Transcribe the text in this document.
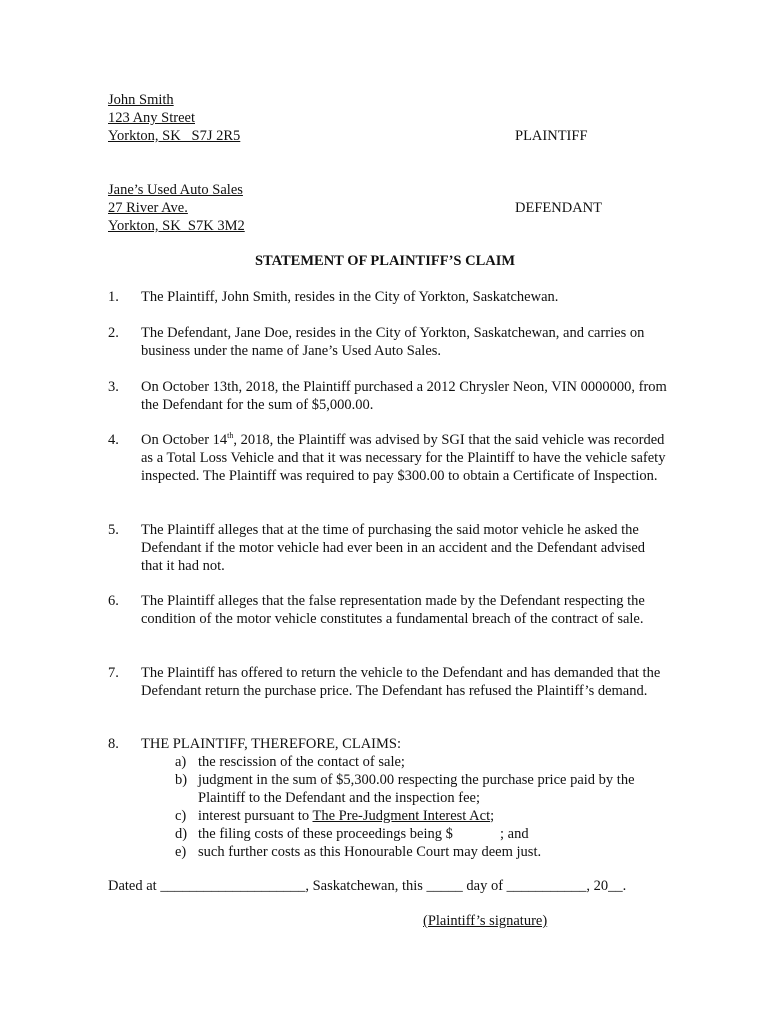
John Smith
123 Any Street
Yorkton, SK   S7J 2R5	PLAINTIFF
Jane’s Used Auto Sales
27 River Ave.
Yorkton, SK  S7K 3M2
DEFENDANT
STATEMENT OF PLAINTIFF’S CLAIM
1.	The Plaintiff, John Smith, resides in the City of Yorkton, Saskatchewan.
2.	The Defendant, Jane Doe, resides in the City of Yorkton, Saskatchewan, and carries on business under the name of Jane’s Used Auto Sales.
3.	On October 13th, 2018, the Plaintiff purchased a 2012 Chrysler Neon, VIN 0000000, from the Defendant for the sum of $5,000.00.
4.	On October 14th, 2018, the Plaintiff was advised by SGI that the said vehicle was recorded as a Total Loss Vehicle and that it was necessary for the Plaintiff to have the vehicle safety inspected. The Plaintiff was required to pay $300.00 to obtain a Certificate of Inspection.
5.	The Plaintiff alleges that at the time of purchasing the said motor vehicle he asked the Defendant if the motor vehicle had ever been in an accident and the Defendant advised that it had not.
6.	The Plaintiff alleges that the false representation made by the Defendant respecting the condition of the motor vehicle constitutes a fundamental breach of the contract of sale.
7.	The Plaintiff has offered to return the vehicle to the Defendant and has demanded that the Defendant return the purchase price. The Defendant has refused the Plaintiff’s demand.
8.	THE PLAINTIFF, THEREFORE, CLAIMS:
a) the rescission of the contact of sale;
b) judgment in the sum of $5,300.00 respecting the purchase price paid by the Plaintiff to the Defendant and the inspection fee;
c) interest pursuant to The Pre-Judgment Interest Act;
d) the filing costs of these proceedings being $             ; and
e) such further costs as this Honourable Court may deem just.
Dated at ____________________, Saskatchewan, this _____ day of ___________, 20__.
(Plaintiff’s signature)
